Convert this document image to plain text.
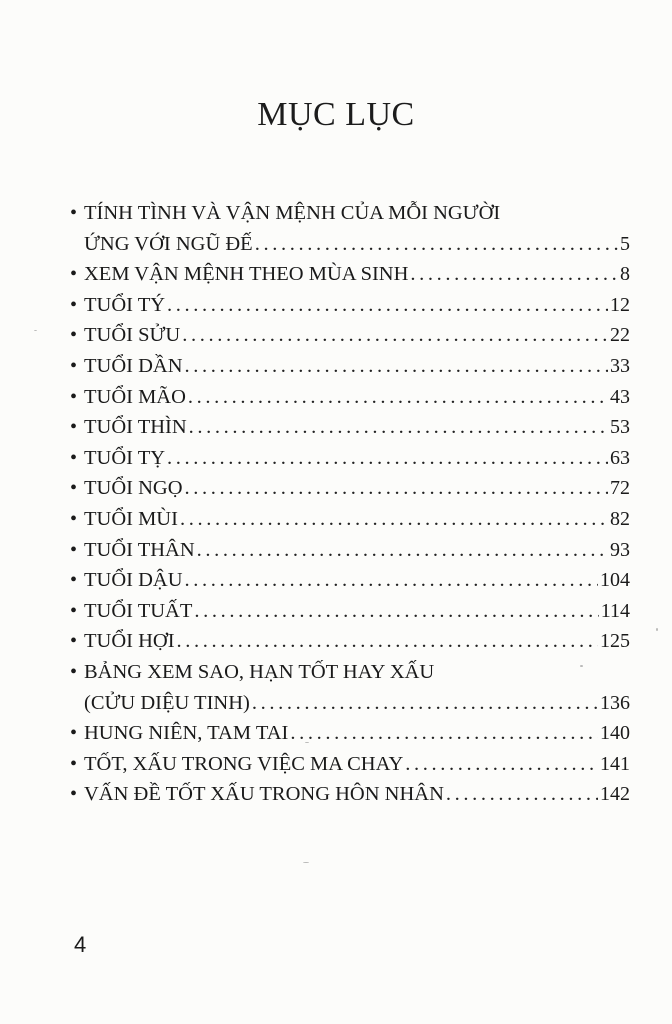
MỤC LỤC
• TÍNH TÌNH VÀ VẬN MỆNH CỦA MỖI NGƯỜI
ỨNG VỚI NGŨ ĐẾ . . .	5
• XEM VẬN MỆNH THEO MÙA SINH . . .	8
• TUỔI TÝ . . .	12
• TUỔI SỬU . . .	22
• TUỔI DẦN . . .	33
• TUỔI MÃO . . .	43
• TUỔI THÌN . . .	53
• TUỔI TỴ . . .	63
• TUỔI NGỌ . . .	72
• TUỔI MÙI . . .	82
• TUỔI THÂN . . .	93
• TUỔI DẬU . . .	104
• TUỔI TUẤT . . .	114
• TUỔI HỢI . . .	125
• BẢNG XEM SAO, HẠN TỐT HAY XẤU
(CỬU DIỆU TINH) . . .	136
• HUNG NIÊN, TAM TAI . . .	140
• TỐT, XẤU TRONG VIỆC MA CHAY . . .	141
• VẤN ĐỀ TỐT XẤU TRONG HÔN NHÂN . . .	142
4
